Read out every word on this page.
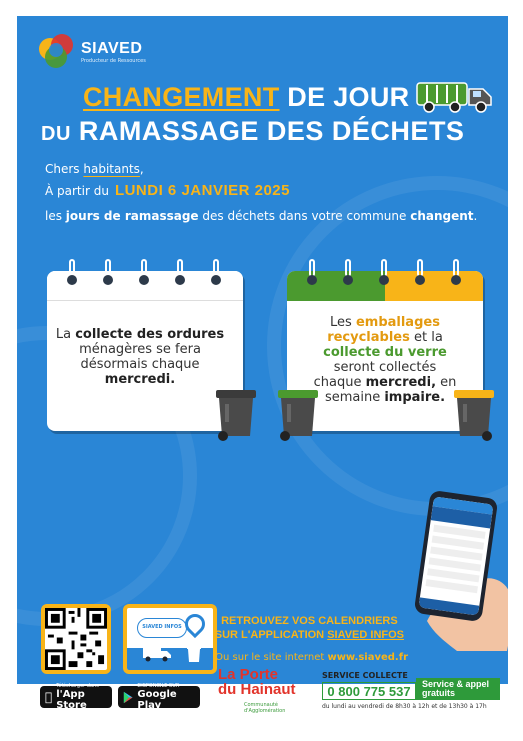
SIAVED
Producteur de Ressources
CHANGEMENT DE JOUR
DU RAMASSAGE DES DÉCHETS
Chers habitants,
À partir du LUNDI 6 JANVIER 2025
les jours de ramassage des déchets dans votre commune changent.
La collecte des ordures ménagères se fera désormais chaque mercredi.
Les emballages recyclables et la collecte du verre seront collectés chaque mercredi, en semaine impaire.
SIAVED INFOS	RETROUVEZ VOS CALENDRIERS
SUR L'APPLICATION SIAVED INFOS
Ou sur le site internet www.siaved.fr
Télécharger dans
l'App Store
DISPONIBLE SUR
Google Play
La Porte
du Hainaut
Communauté
d'Agglomération
SERVICE COLLECTE
0 800 775 537	Service & appel
gratuits
du lundi au vendredi de 8h30 à 12h et de 13h30 à 17h
